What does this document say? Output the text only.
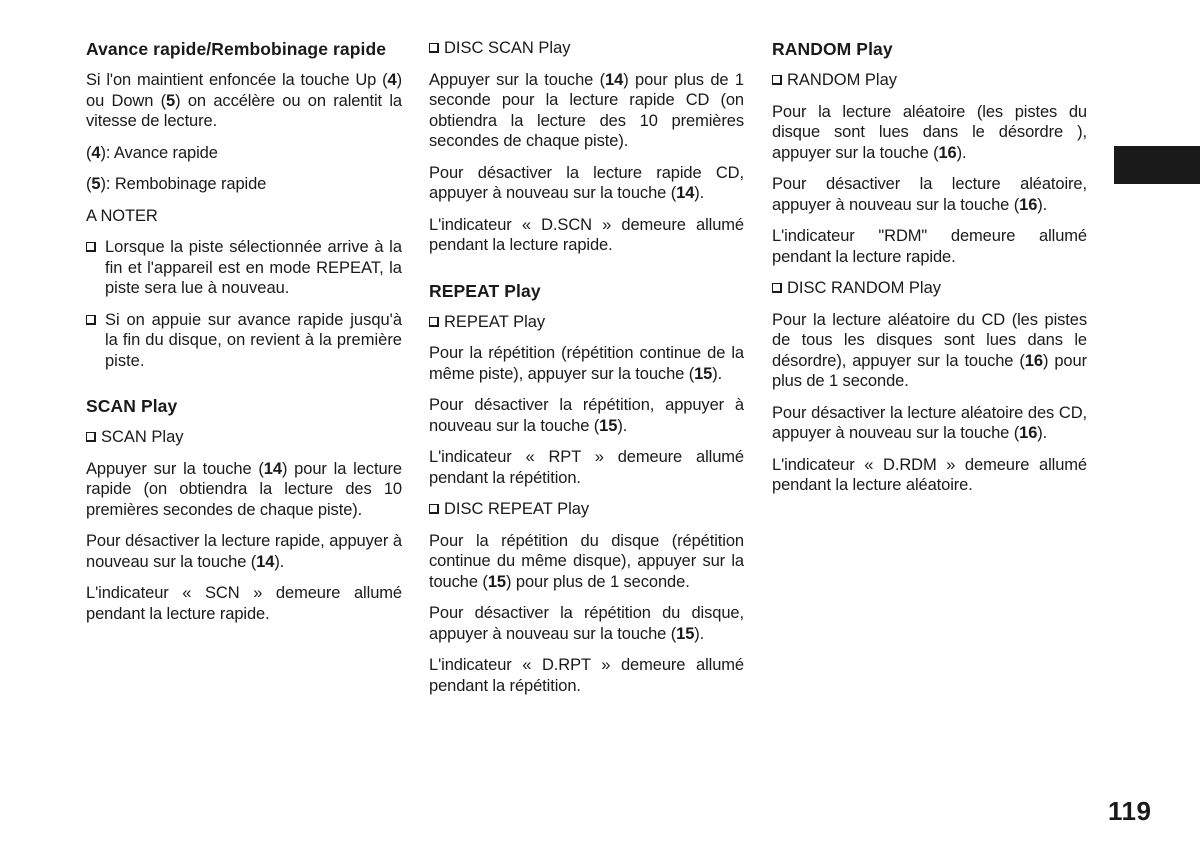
Avance rapide/Rembobinage rapide

Si l'on maintient enfoncée la touche Up (4) ou Down (5) on accélère ou on ralentit la vitesse de lecture.

(4): Avance rapide

(5): Rembobinage rapide

A NOTER

Lorsque la piste sélectionnée arrive à la fin et l'appareil est en mode REPEAT, la piste sera lue à nouveau.
Si on appuie sur avance rapide jusqu'à la fin du disque, on revient à la première piste.
SCAN Play
SCAN Play

Appuyer sur la touche (14) pour la lecture rapide (on obtiendra la lecture des 10 premières secondes de chaque piste).

Pour désactiver la lecture rapide, appuyer à nouveau sur la touche (14).

L'indicateur « SCN » demeure allumé pendant la lecture rapide.

DISC SCAN Play

Appuyer sur la touche (14) pour plus de 1 seconde pour la lecture rapide CD (on obtiendra la lecture des 10 premières secondes de chaque piste).

Pour désactiver la lecture rapide CD, appuyer à nouveau sur la touche (14).

L'indicateur « D.SCN » demeure allumé pendant la lecture rapide.

REPEAT Play
REPEAT Play

Pour la répétition (répétition continue de la même piste), appuyer sur la touche (15).

Pour désactiver la répétition, appuyer à nouveau sur la touche (15).

L'indicateur « RPT » demeure allumé pendant la répétition.

DISC REPEAT Play

Pour la répétition du disque (répétition continue du même disque), appuyer sur la touche (15) pour plus de 1 seconde.

Pour désactiver la répétition du disque, appuyer à nouveau sur la touche (15).

L'indicateur « D.RPT » demeure allumé pendant la répétition.

RANDOM Play
RANDOM Play

Pour la lecture aléatoire (les pistes du disque sont lues dans le désordre ), appuyer sur la touche (16).

Pour désactiver la lecture aléatoire, appuyer à nouveau sur la touche (16).

L'indicateur "RDM" demeure allumé pendant la lecture rapide.

DISC RANDOM Play

Pour la lecture aléatoire du CD (les pistes de tous les disques sont lues dans le désordre), appuyer sur la touche (16) pour plus de 1 seconde.

Pour désactiver la lecture aléatoire des CD, appuyer à nouveau sur la touche (16).

L'indicateur « D.RDM » demeure allumé pendant la lecture aléatoire.

119
